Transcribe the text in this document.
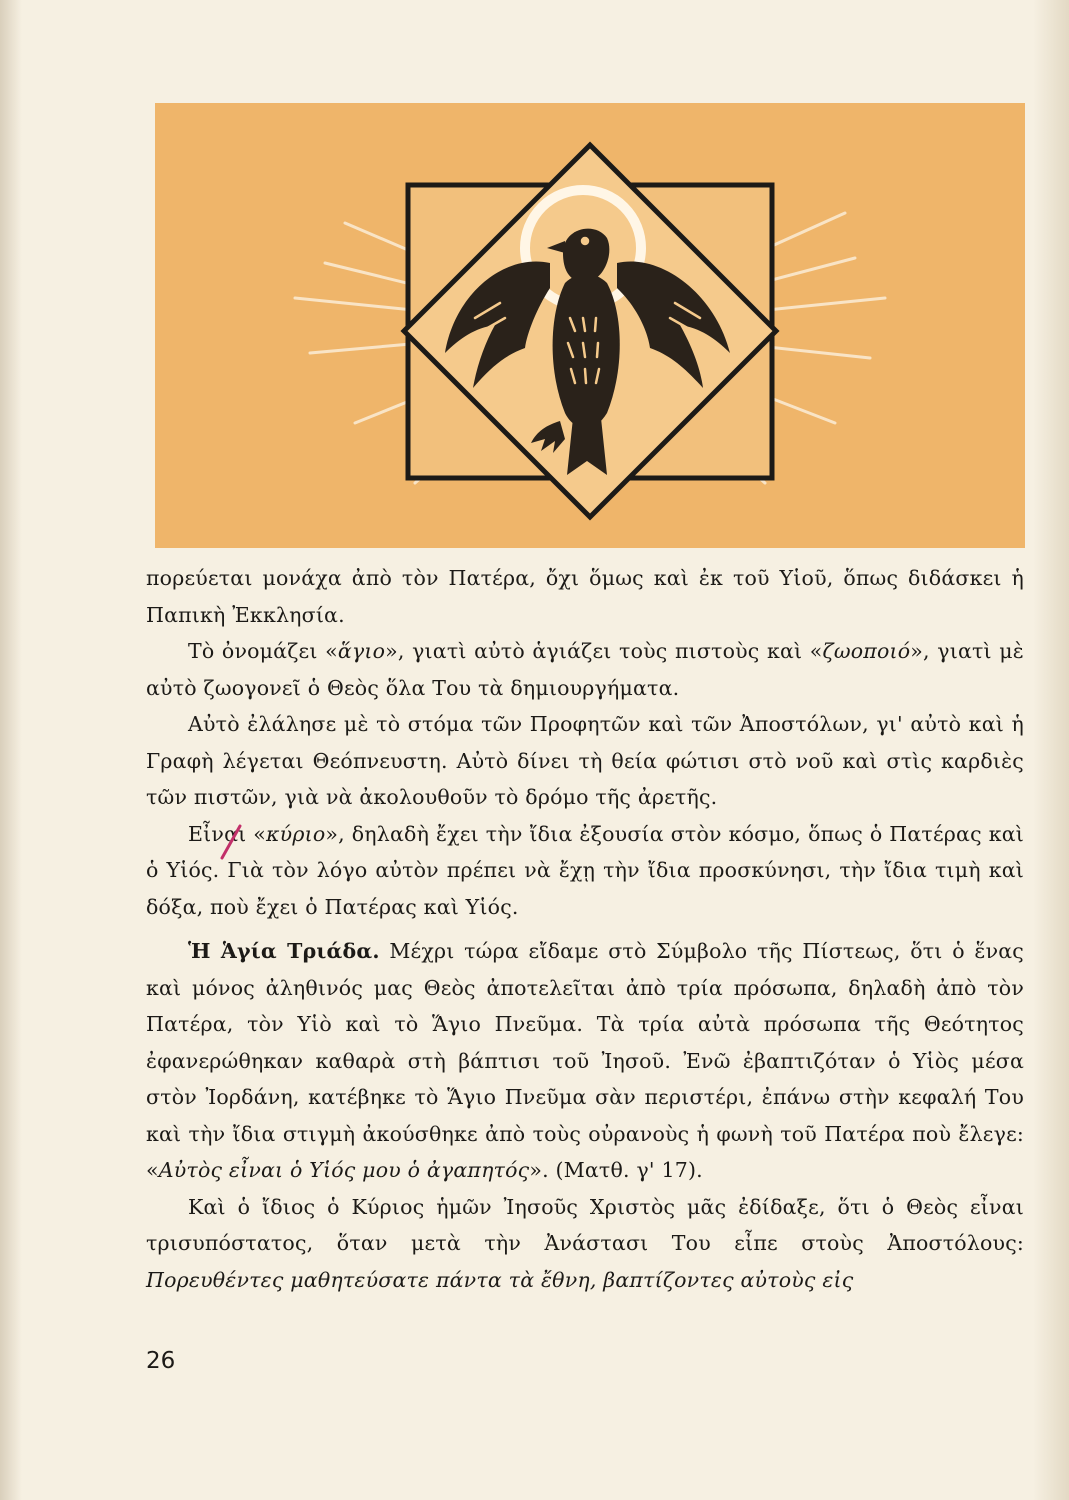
πορεύεται μονάχα ἀπὸ τὸν Πατέρα, ὄχι ὅμως καὶ ἐκ τοῦ Υἱοῦ, ὅπως διδάσκει ἡ Παπικὴ Ἐκκλησία.

Τὸ ὀνομάζει «ἅγιο», γιατὶ αὐτὸ ἁγιάζει τοὺς πιστοὺς καὶ «ζωοποιό», γιατὶ μὲ αὐτὸ ζωογονεῖ ὁ Θεὸς ὅλα Του τὰ δημιουργήματα.

Αὐτὸ ἐλάλησε μὲ τὸ στόμα τῶν Προφητῶν καὶ τῶν Ἀποστόλων, γι' αὐτὸ καὶ ἡ Γραφὴ λέγεται Θεόπνευστη. Αὐτὸ δίνει τὴ θεία φώτισι στὸ νοῦ καὶ στὶς καρδιὲς τῶν πιστῶν, γιὰ νὰ ἀκολουθοῦν τὸ δρόμο τῆς ἀρετῆς.

Εἶναι «κύριο», δηλαδὴ ἔχει τὴν ἴδια ἐξουσία στὸν κόσμο, ὅπως ὁ Πατέρας καὶ ὁ Υἱός. Γιὰ τὸν λόγο αὐτὸν πρέπει νὰ ἔχῃ τὴν ἴδια προσκύνησι, τὴν ἴδια τιμὴ καὶ δόξα, ποὺ ἔχει ὁ Πατέρας καὶ Υἱός.

Ἡ Ἁγία Τριάδα. Μέχρι τώρα εἴδαμε στὸ Σύμβολο τῆς Πίστεως, ὅτι ὁ ἕνας καὶ μόνος ἀληθινός μας Θεὸς ἀποτελεῖται ἀπὸ τρία πρόσωπα, δηλαδὴ ἀπὸ τὸν Πατέρα, τὸν Υἱὸ καὶ τὸ Ἅγιο Πνεῦμα. Τὰ τρία αὐτὰ πρόσωπα τῆς Θεότητος ἐφανερώθηκαν καθαρὰ στὴ βάπτισι τοῦ Ἰησοῦ. Ἐνῶ ἐβαπτιζόταν ὁ Υἱὸς μέσα στὸν Ἰορδάνη, κατέβηκε τὸ Ἅγιο Πνεῦμα σὰν περιστέρι, ἐπάνω στὴν κεφαλή Του καὶ τὴν ἴδια στιγμὴ ἀκούσθηκε ἀπὸ τοὺς οὐρανοὺς ἡ φωνὴ τοῦ Πατέρα ποὺ ἔλεγε: «Αὐτὸς εἶναι ὁ Υἱός μου ὁ ἀγαπητός». (Ματθ. γ' 17).

Καὶ ὁ ἴδιος ὁ Κύριος ἡμῶν Ἰησοῦς Χριστὸς μᾶς ἐδίδαξε, ὅτι ὁ Θεὸς εἶναι τρισυπόστατος, ὅταν μετὰ τὴν Ἀνάστασι Του εἶπε στοὺς Ἀποστόλους: Πορευθέντες μαθητεύσατε πάντα τὰ ἔθνη, βαπτίζοντες αὐτοὺς εἰς

26
